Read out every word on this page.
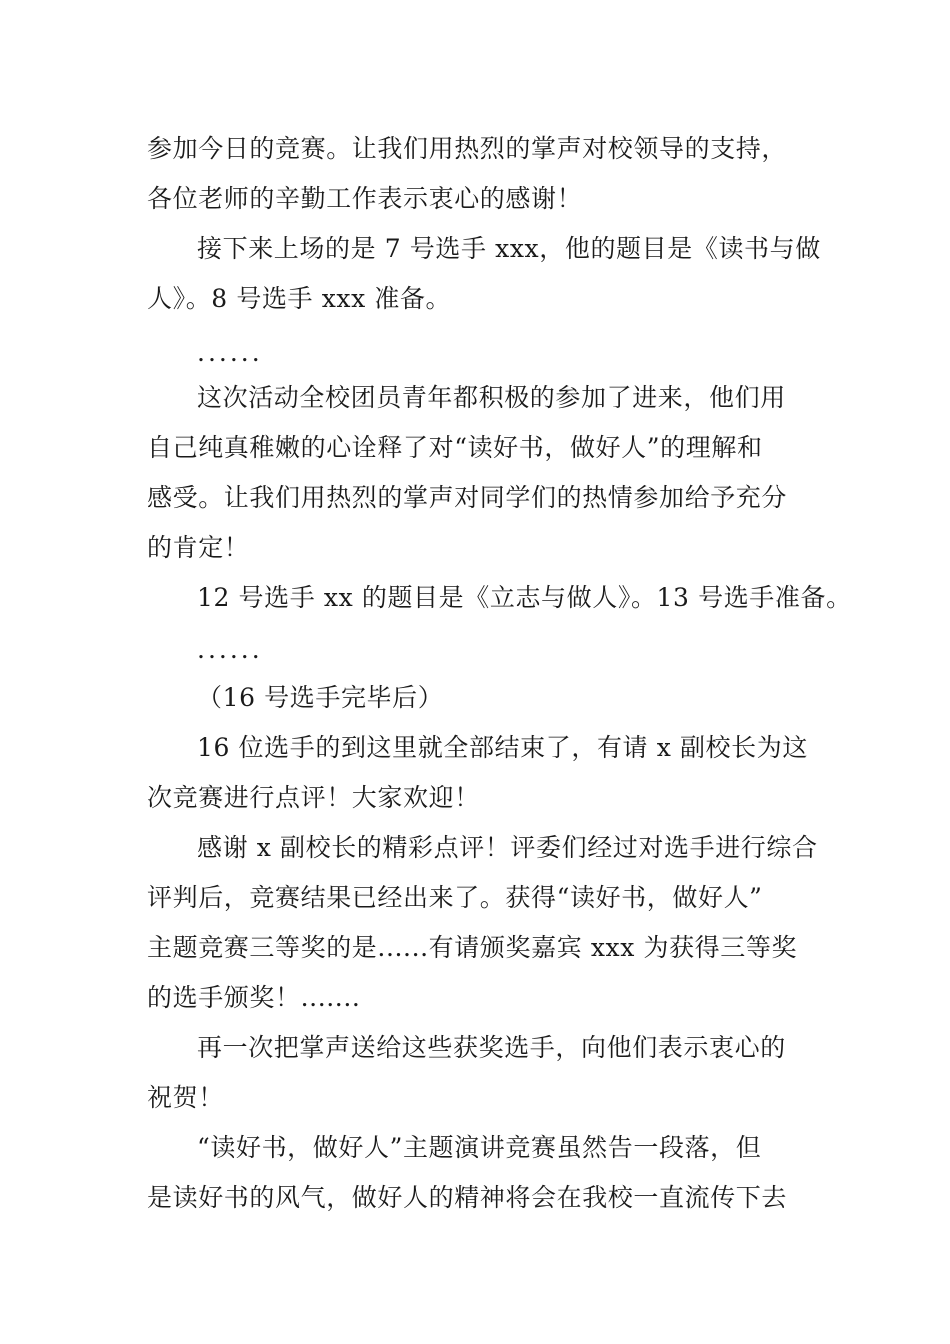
参加今日的竞赛。让我们用热烈的掌声对校领导的支持，
各位老师的辛勤工作表示衷心的感谢！
接下来上场的是 7 号选手 xxx，他的题目是《读书与做
人》。8 号选手 xxx 准备。
......
这次活动全校团员青年都积极的参加了进来，他们用
自己纯真稚嫩的心诠释了对“读好书，做好人”的理解和
感受。让我们用热烈的掌声对同学们的热情参加给予充分
的肯定！
12 号选手 xx 的题目是《立志与做人》。13 号选手准备。
......
（16 号选手完毕后）
16 位选手的到这里就全部结束了，有请 x 副校长为这
次竞赛进行点评！大家欢迎！
感谢 x 副校长的精彩点评！评委们经过对选手进行综合
评判后，竞赛结果已经出来了。获得“读好书，做好人”
主题竞赛三等奖的是......有请颁奖嘉宾 xxx 为获得三等奖
的选手颁奖！.......
再一次把掌声送给这些获奖选手，向他们表示衷心的
祝贺！
“读好书，做好人”主题演讲竞赛虽然告一段落，但
是读好书的风气，做好人的精神将会在我校一直流传下去
